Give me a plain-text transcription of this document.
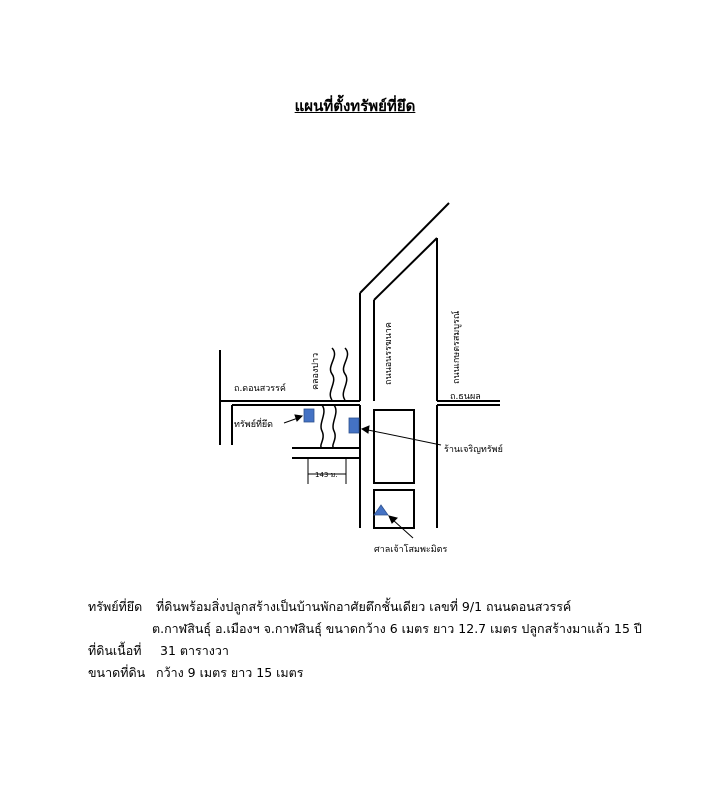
แผนที่ตั้งทรัพย์ที่ยึด
ถ.ดอนสวรรค์	คลองปาว	ถนนอนรรฆนาค	ถนนเกษตรสมบูรณ์
ถ.ธนผล
ทรัพย์ที่ยึด
ร้านเจริญทรัพย์
143 ม.
ศาลเจ้าโสมพะมิตร
ทรัพย์ที่ยึด	ที่ดินพร้อมสิ่งปลูกสร้างเป็นบ้านพักอาศัยตึกชั้นเดียว เลขที่ 9/1 ถนนดอนสวรรค์
ต.กาฬสินธุ์ อ.เมืองฯ จ.กาฬสินธุ์ ขนาดกว้าง 6 เมตร ยาว 12.7 เมตร ปลูกสร้างมาแล้ว 15 ปี
ที่ดินเนื้อที่	31 ตารางวา
ขนาดที่ดิน กว้าง 9 เมตร ยาว 15 เมตร
